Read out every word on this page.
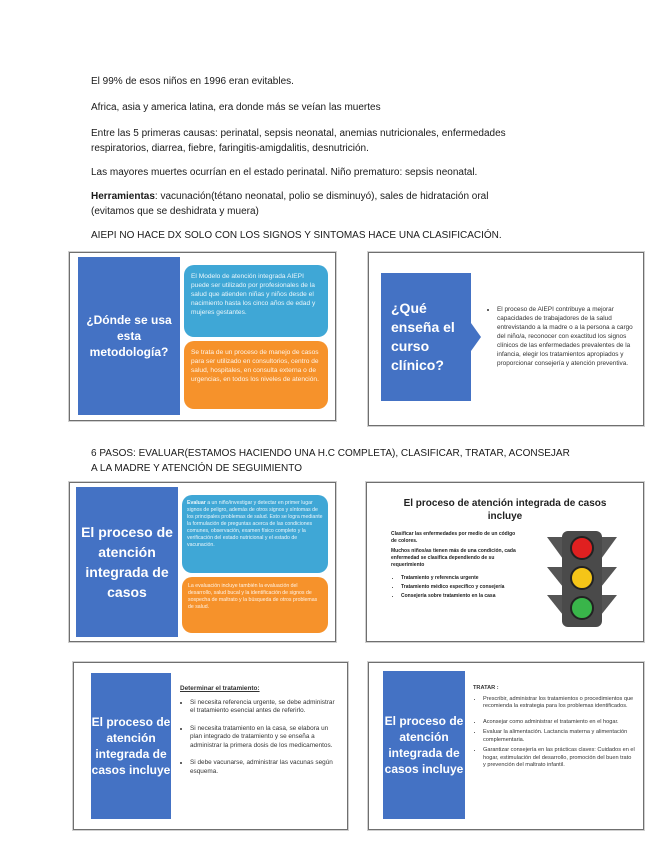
El 99% de esos niños en 1996 eran evitables.
Africa, asia y america latina, era donde más se veían las muertes
Entre las 5 primeras causas: perinatal, sepsis neonatal, anemias nutricionales, enfermedades
respiratorios, diarrea, fiebre, faringitis-amigdalitis, desnutrición.
Las mayores muertes ocurrían en el estado perinatal. Niño prematuro: sepsis neonatal.
Herramientas: vacunación(tétano neonatal, polio se disminuyó), sales de hidratación oral
(evitamos que se deshidrata y muera)
AIEPI NO HACE DX SOLO CON LOS SIGNOS Y SINTOMAS HACE UNA CLASIFICACIÓN.
6 PASOS: EVALUAR(ESTAMOS HACIENDO UNA H.C COMPLETA), CLASIFICAR, TRATAR, ACONSEJAR
A LA MADRE Y ATENCIÓN DE SEGUIMIENTO
¿Dónde se usa esta metodología?
El Modelo de atención integrada AIEPI puede ser utilizado por profesionales de la salud que atienden niñas y niños desde el nacimiento hasta los cinco años de edad y mujeres gestantes.
Se trata de un proceso de manejo de casos para ser utilizado en consultorios, centro de salud, hospitales, en consulta externa o de urgencias, en todos los niveles de atención.
¿Qué enseña el curso clínico?
• El proceso de AIEPI contribuye a mejorar capacidades de trabajadores de la salud entrevistando a la madre o a la persona a cargo del niño/a, reconocer con exactitud los signos clínicos de las enfermedades prevalentes de la infancia, elegir los tratamientos apropiados y proporcionar consejería y atención preventiva.
El proceso de atención integrada de casos
Evaluar a un niño/investigar y detectar en primer lugar signos de peligro, además de otros signos y síntomas de los principales problemas de salud. Esto se logra mediante la formulación de preguntas acerca de las condiciones comunes, observación, examen físico completo y la verificación del estado nutricional y el estado de vacunación.
La evaluación incluye también la evaluación del desarrollo, salud bucal y la identificación de signos de sospecha de maltrato y la búsqueda de otros problemas de salud.
El proceso de atención integrada de casos incluye
Clasificar las enfermedades por medio de un código de colores.
Muchos niños/as tienen más de una condición, cada enfermedad se clasifica dependiendo de su requerimiento
• Tratamiento y referencia urgente
• Tratamiento médico específico y consejería
• Consejería sobre tratamiento en la casa
El proceso de atención integrada de casos incluye
Determinar el tratamiento:
• Si necesita referencia urgente, se debe administrar el tratamiento esencial antes de referirlo.
• Si necesita tratamiento en la casa, se elabora un plan integrado de tratamiento y se enseña a administrar la primera dosis de los medicamentos.
• Si debe vacunarse, administrar las vacunas según esquema.
El proceso de atención integrada de casos incluye
TRATAR :
• Prescribir, administrar los tratamientos o procedimientos que recomienda la estrategia para los problemas identificados.
• Aconsejar como administrar el tratamiento en el hogar.
• Evaluar la alimentación. Lactancia materna y alimentación complementaria.
• Garantizar consejería en las prácticas claves: Cuidados en el hogar, estimulación del desarrollo, promoción del buen trato y prevención del maltrato infantil.
